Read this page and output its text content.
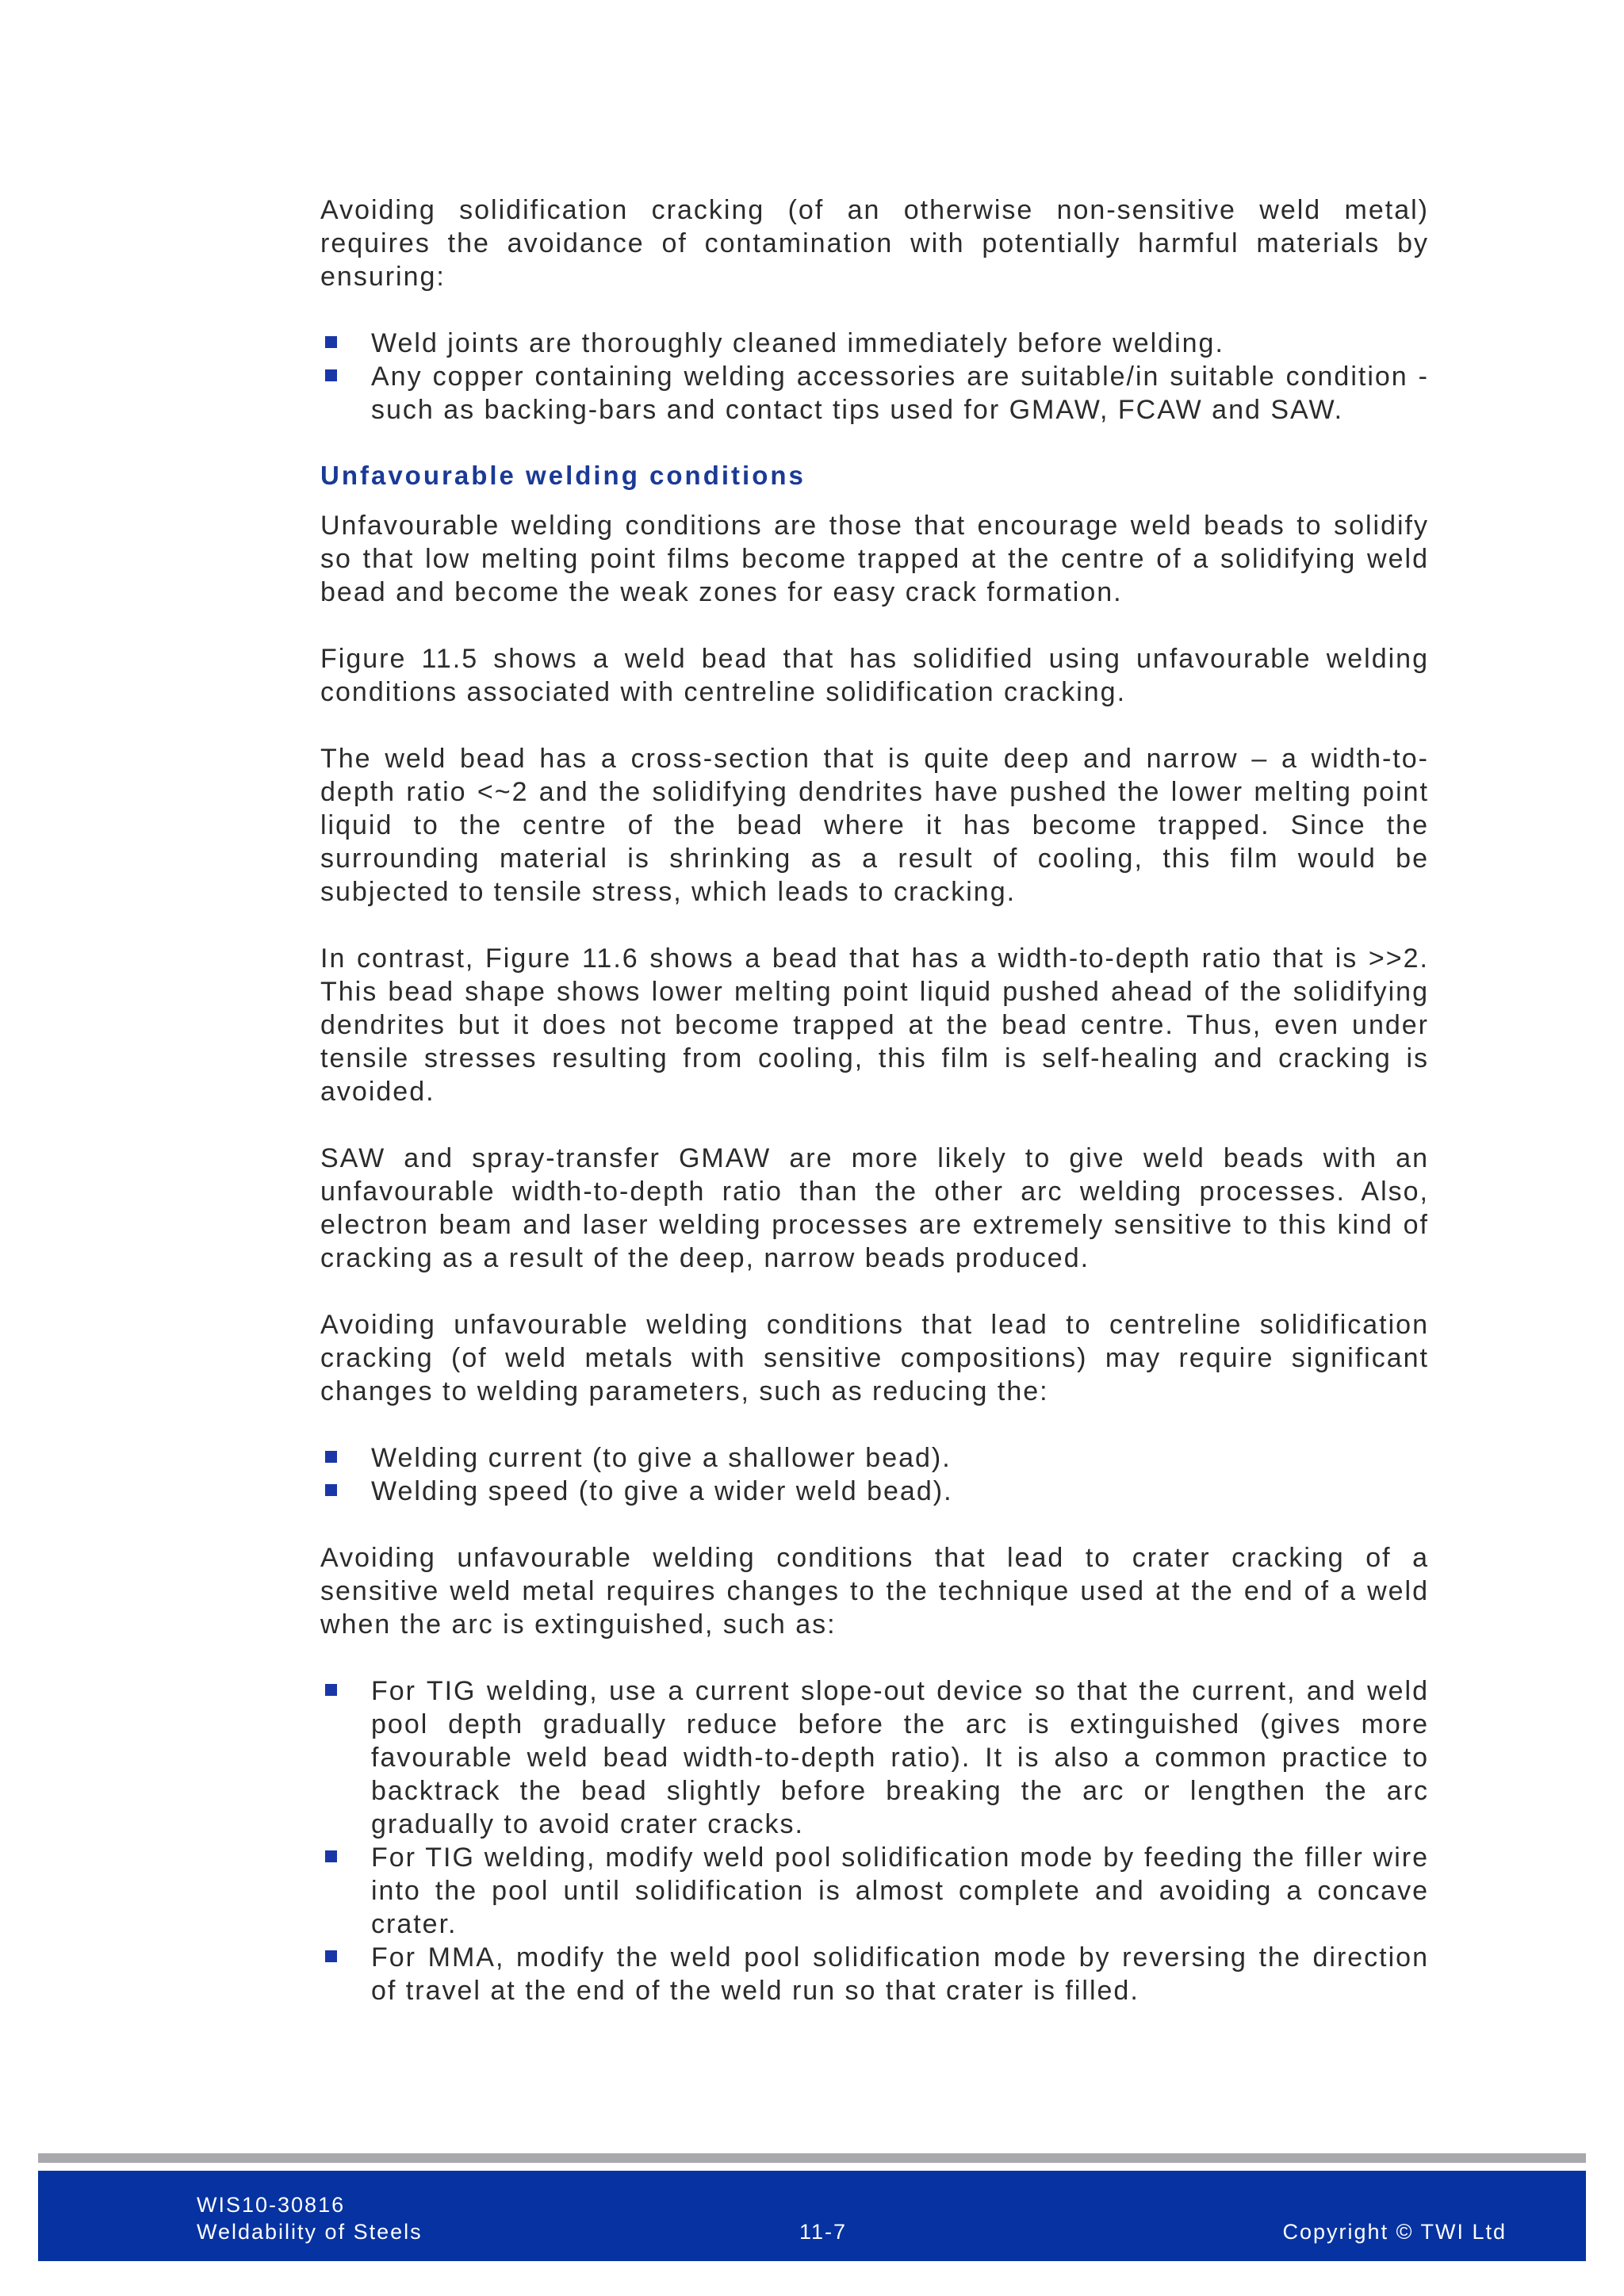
Avoiding solidification cracking (of an otherwise non-sensitive weld metal) requires the avoidance of contamination with potentially harmful materials by ensuring:

Weld joints are thoroughly cleaned immediately before welding.
Any copper containing welding accessories are suitable/in suitable condition - such as backing-bars and contact tips used for GMAW, FCAW and SAW.
Unfavourable welding conditions

Unfavourable welding conditions are those that encourage weld beads to solidify so that low melting point films become trapped at the centre of a solidifying weld bead and become the weak zones for easy crack formation.

Figure 11.5 shows a weld bead that has solidified using unfavourable welding conditions associated with centreline solidification cracking.

The weld bead has a cross-section that is quite deep and narrow – a width-to-depth ratio <~2 and the solidifying dendrites have pushed the lower melting point liquid to the centre of the bead where it has become trapped. Since the surrounding material is shrinking as a result of cooling, this film would be subjected to tensile stress, which leads to cracking.

In contrast, Figure 11.6 shows a bead that has a width-to-depth ratio that is >>2. This bead shape shows lower melting point liquid pushed ahead of the solidifying dendrites but it does not become trapped at the bead centre. Thus, even under tensile stresses resulting from cooling, this film is self-healing and cracking is avoided.

SAW and spray-transfer GMAW are more likely to give weld beads with an unfavourable width-to-depth ratio than the other arc welding processes. Also, electron beam and laser welding processes are extremely sensitive to this kind of cracking as a result of the deep, narrow beads produced.

Avoiding unfavourable welding conditions that lead to centreline solidification cracking (of weld metals with sensitive compositions) may require significant changes to welding parameters, such as reducing the:

Welding current (to give a shallower bead).
Welding speed (to give a wider weld bead).

Avoiding unfavourable welding conditions that lead to crater cracking of a sensitive weld metal requires changes to the technique used at the end of a weld when the arc is extinguished, such as:

For TIG welding, use a current slope-out device so that the current, and weld pool depth gradually reduce before the arc is extinguished (gives more favourable weld bead width-to-depth ratio). It is also a common practice to backtrack the bead slightly before breaking the arc or lengthen the arc gradually to avoid crater cracks.
For TIG welding, modify weld pool solidification mode by feeding the filler wire into the pool until solidification is almost complete and avoiding a concave crater.
For MMA, modify the weld pool solidification mode by reversing the direction of travel at the end of the weld run so that crater is filled.
WIS10-30816
Weldability of Steels	11-7	Copyright © TWI Ltd
